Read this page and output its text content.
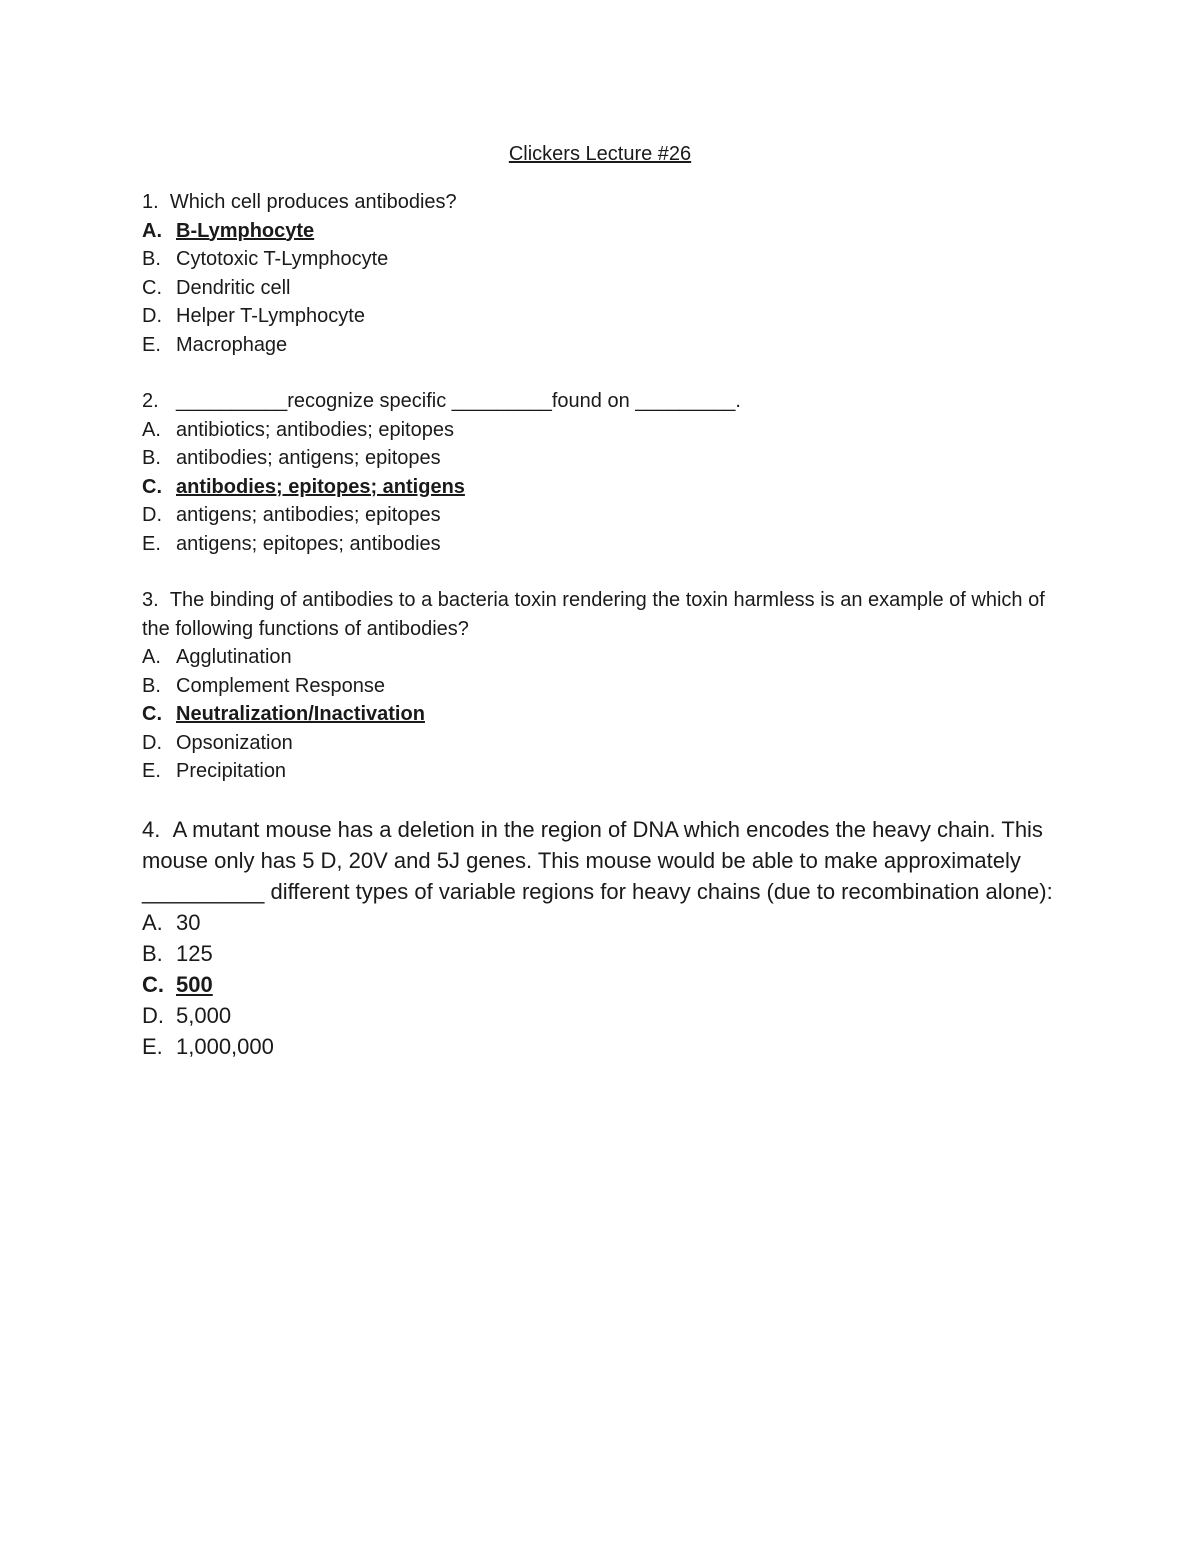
Clickers Lecture #26
1. Which cell produces antibodies?
A. B-Lymphocyte
B. Cytotoxic T-Lymphocyte
C. Dendritic cell
D. Helper T-Lymphocyte
E. Macrophage
2. __________recognize specific _________found on _________.
A. antibiotics; antibodies; epitopes
B. antibodies; antigens; epitopes
C. antibodies; epitopes; antigens
D. antigens; antibodies; epitopes
E. antigens; epitopes; antibodies
3. The binding of antibodies to a bacteria toxin rendering the toxin harmless is an example of which of the following functions of antibodies?
A. Agglutination
B. Complement Response
C. Neutralization/Inactivation
D. Opsonization
E. Precipitation
4. A mutant mouse has a deletion in the region of DNA which encodes the heavy chain. This mouse only has 5 D, 20V and 5J genes. This mouse would be able to make approximately __________ different types of variable regions for heavy chains (due to recombination alone):
A. 30
B. 125
C. 500
D. 5,000
E. 1,000,000
